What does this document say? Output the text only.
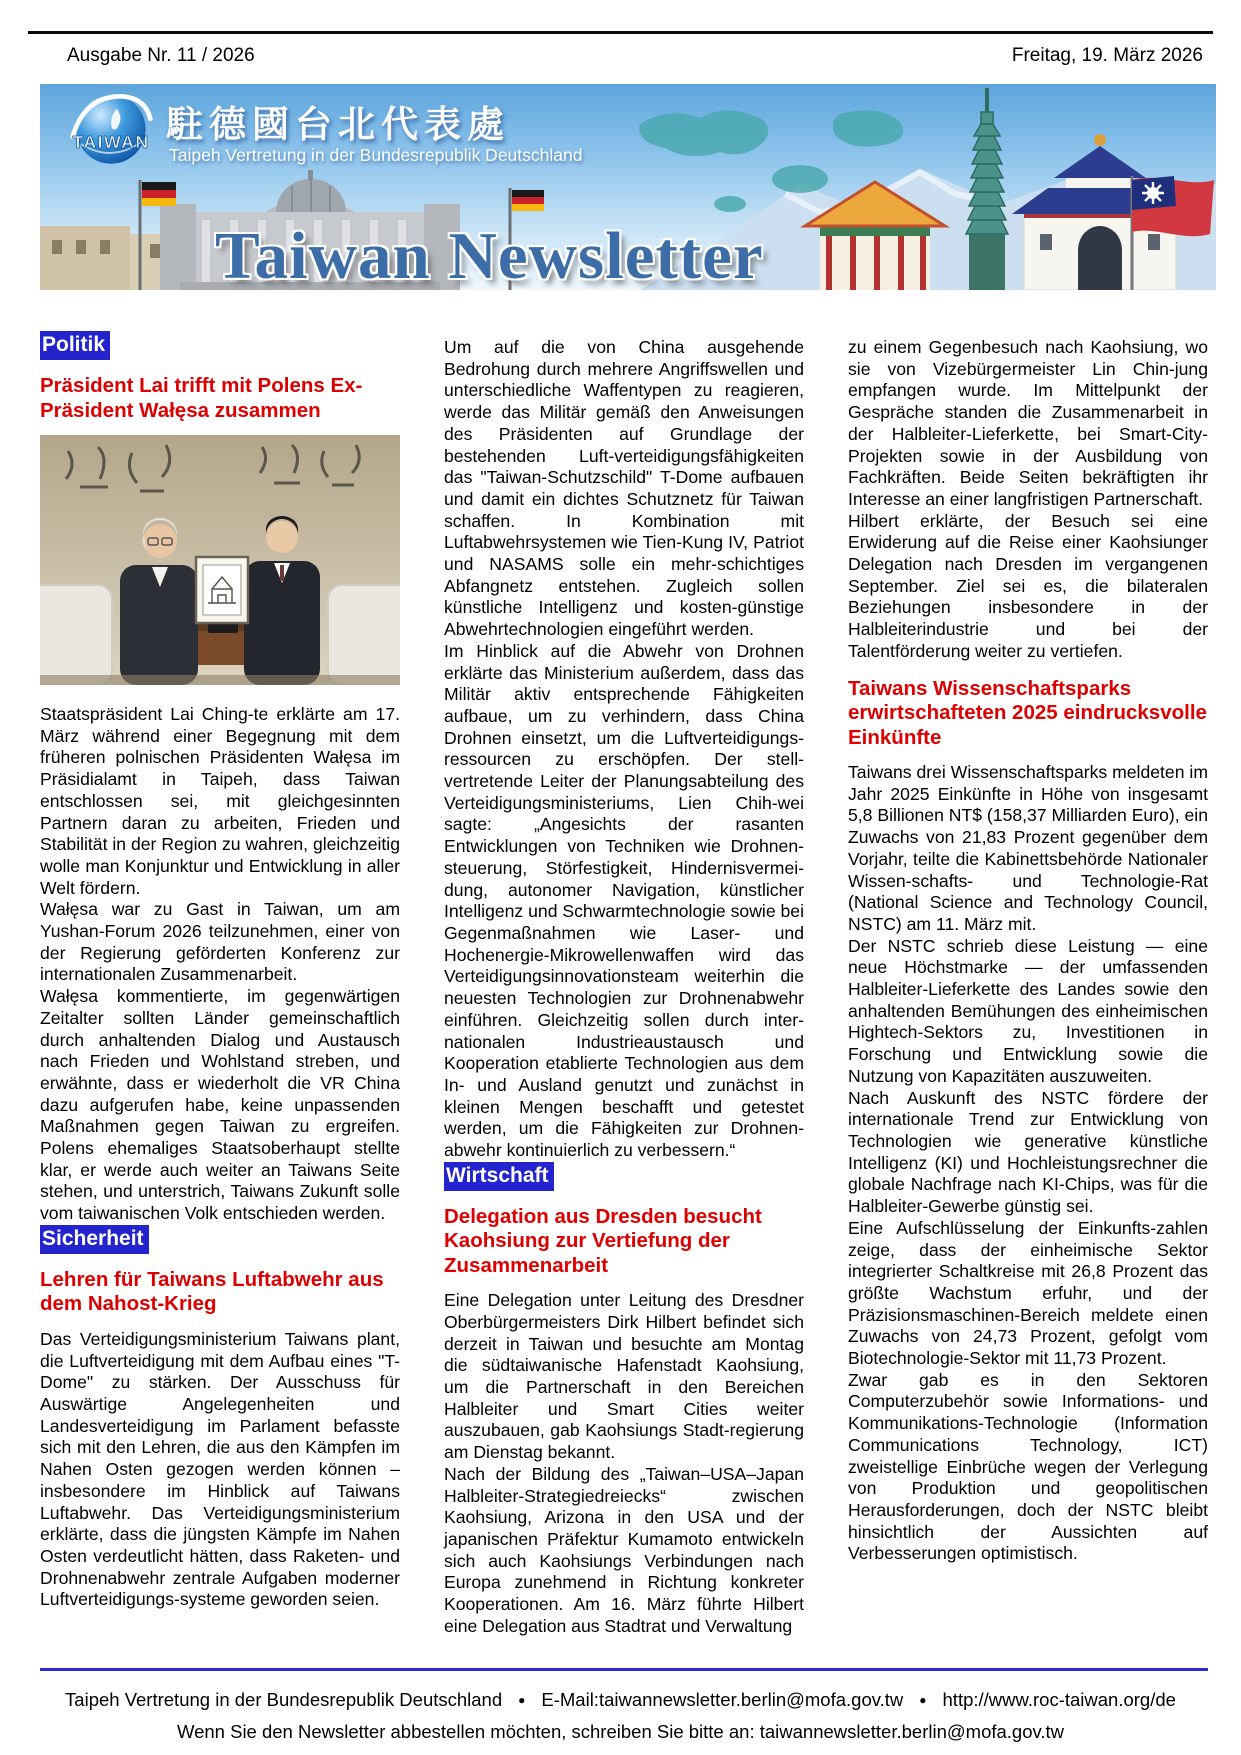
Ausgabe Nr. 11 / 2026	Freitag, 19. März 2026
TAIWAN 駐德國台北代表處
Taipeh Vertretung in der Bundesrepublik Deutschland
Taiwan Newsletter
Politik
Präsident Lai trifft mit Polens Ex-Präsident Wałęsa zusammen

Staatspräsident Lai Ching-te erklärte am 17. März während einer Begegnung mit dem früheren polnischen Präsidenten Wałęsa im Präsidialamt in Taipeh, dass Taiwan entschlossen sei, mit gleichgesinnten Partnern daran zu arbeiten, Frieden und Stabilität in der Region zu wahren, gleichzeitig wolle man Konjunktur und Entwicklung in aller Welt fördern.

Wałęsa war zu Gast in Taiwan, um am Yushan-Forum 2026 teilzunehmen, einer von der Regierung geförderten Konferenz zur internationalen Zusammenarbeit.

Wałęsa kommentierte, im gegenwärtigen Zeitalter sollten Länder gemeinschaftlich durch anhaltenden Dialog und Austausch nach Frieden und Wohlstand streben, und erwähnte, dass er wiederholt die VR China dazu aufgerufen habe, keine unpassenden Maßnahmen gegen Taiwan zu ergreifen. Polens ehemaliges Staatsoberhaupt stellte klar, er werde auch weiter an Taiwans Seite stehen, und unterstrich, Taiwans Zukunft solle vom taiwanischen Volk entschieden werden.

Sicherheit
Lehren für Taiwans Luftabwehr aus dem Nahost-Krieg

Das Verteidigungsministerium Taiwans plant, die Luftverteidigung mit dem Aufbau eines "T-Dome" zu stärken. Der Ausschuss für Auswärtige Angelegenheiten und Landesverteidigung im Parlament befasste sich mit den Lehren, die aus den Kämpfen im Nahen Osten gezogen werden können – insbesondere im Hinblick auf Taiwans Luftabwehr. Das Verteidigungsministerium erklärte, dass die jüngsten Kämpfe im Nahen Osten verdeutlicht hätten, dass Raketen- und Drohnenabwehr zentrale Aufgaben moderner Luftverteidigungs-systeme geworden seien.

Um auf die von China ausgehende Bedrohung durch mehrere Angriffswellen und unterschiedliche Waffentypen zu reagieren, werde das Militär gemäß den Anweisungen des Präsidenten auf Grundlage der bestehenden Luft-verteidigungsfähigkeiten das "Taiwan-Schutzschild" T-Dome aufbauen und damit ein dichtes Schutznetz für Taiwan schaffen. In Kombination mit Luftabwehrsystemen wie Tien-Kung IV, Patriot und NASAMS solle ein mehr-schichtiges Abfangnetz entstehen. Zugleich sollen künstliche Intelligenz und kosten-günstige Abwehrtechnologien eingeführt werden.

Im Hinblick auf die Abwehr von Drohnen erklärte das Ministerium außerdem, dass das Militär aktiv entsprechende Fähigkeiten aufbaue, um zu verhindern, dass China Drohnen einsetzt, um die Luftverteidigungs-ressourcen zu erschöpfen. Der stell-vertretende Leiter der Planungsabteilung des Verteidigungsministeriums, Lien Chih-wei sagte: „Angesichts der rasanten Entwicklungen von Techniken wie Drohnen-steuerung, Störfestigkeit, Hindernisvermei-dung, autonomer Navigation, künstlicher Intelligenz und Schwarmtechnologie sowie bei Gegenmaßnahmen wie Laser- und Hochenergie-Mikrowellenwaffen wird das Verteidigungsinnovationsteam weiterhin die neuesten Technologien zur Drohnenabwehr einführen. Gleichzeitig sollen durch inter-nationalen Industrieaustausch und Kooperation etablierte Technologien aus dem In- und Ausland genutzt und zunächst in kleinen Mengen beschafft und getestet werden, um die Fähigkeiten zur Drohnen-abwehr kontinuierlich zu verbessern.“

Wirtschaft
Delegation aus Dresden besucht Kaohsiung zur Vertiefung der Zusammenarbeit

Eine Delegation unter Leitung des Dresdner Oberbürgermeisters Dirk Hilbert befindet sich derzeit in Taiwan und besuchte am Montag die südtaiwanische Hafenstadt Kaohsiung, um die Partnerschaft in den Bereichen Halbleiter und Smart Cities weiter auszubauen, gab Kaohsiungs Stadt-regierung am Dienstag bekannt.

Nach der Bildung des „Taiwan–USA–Japan Halbleiter-Strategiedreiecks“ zwischen Kaohsiung, Arizona in den USA und der japanischen Präfektur Kumamoto entwickeln sich auch Kaohsiungs Verbindungen nach Europa zunehmend in Richtung konkreter Kooperationen. Am 16. März führte Hilbert eine Delegation aus Stadtrat und Verwaltung

zu einem Gegenbesuch nach Kaohsiung, wo sie von Vizebürgermeister Lin Chin-jung empfangen wurde. Im Mittelpunkt der Gespräche standen die Zusammenarbeit in der Halbleiter-Lieferkette, bei Smart-City-Projekten sowie in der Ausbildung von Fachkräften. Beide Seiten bekräftigten ihr Interesse an einer langfristigen Partnerschaft.

Hilbert erklärte, der Besuch sei eine Erwiderung auf die Reise einer Kaohsiunger Delegation nach Dresden im vergangenen September. Ziel sei es, die bilateralen Beziehungen insbesondere in der Halbleiterindustrie und bei der Talentförderung weiter zu vertiefen.

Taiwans Wissenschaftsparks erwirtschafteten 2025 eindrucksvolle Einkünfte

Taiwans drei Wissenschaftsparks meldeten im Jahr 2025 Einkünfte in Höhe von insgesamt 5,8 Billionen NT$ (158,37 Milliarden Euro), ein Zuwachs von 21,83 Prozent gegenüber dem Vorjahr, teilte die Kabinettsbehörde Nationaler Wissen-schafts- und Technologie-Rat (National Science and Technology Council, NSTC) am 11. März mit.

Der NSTC schrieb diese Leistung — eine neue Höchstmarke — der umfassenden Halbleiter-Lieferkette des Landes sowie den anhaltenden Bemühungen des einheimischen Hightech-Sektors zu, Investitionen in Forschung und Entwicklung sowie die Nutzung von Kapazitäten auszuweiten.

Nach Auskunft des NSTC fördere der internationale Trend zur Entwicklung von Technologien wie generative künstliche Intelligenz (KI) und Hochleistungsrechner die globale Nachfrage nach KI-Chips, was für die Halbleiter-Gewerbe günstig sei.

Eine Aufschlüsselung der Einkunfts-zahlen zeige, dass der einheimische Sektor integrierter Schaltkreise mit 26,8 Prozent das größte Wachstum erfuhr, und der Präzisionsmaschinen-Bereich meldete einen Zuwachs von 24,73 Prozent, gefolgt vom Biotechnologie-Sektor mit 11,73 Prozent.

Zwar gab es in den Sektoren Computerzubehör sowie Informations- und Kommunikations-Technologie (Information Communications Technology, ICT) zweistellige Einbrüche wegen der Verlegung von Produktion und geopolitischen Herausforderungen, doch der NSTC bleibt hinsichtlich der Aussichten auf Verbesserungen optimistisch.

Taipeh Vertretung in der Bundesrepublik Deutschland ● E-Mail:taiwannewsletter.berlin@mofa.gov.tw ● http://www.roc-taiwan.org/de
Wenn Sie den Newsletter abbestellen möchten, schreiben Sie bitte an: taiwannewsletter.berlin@mofa.gov.tw
